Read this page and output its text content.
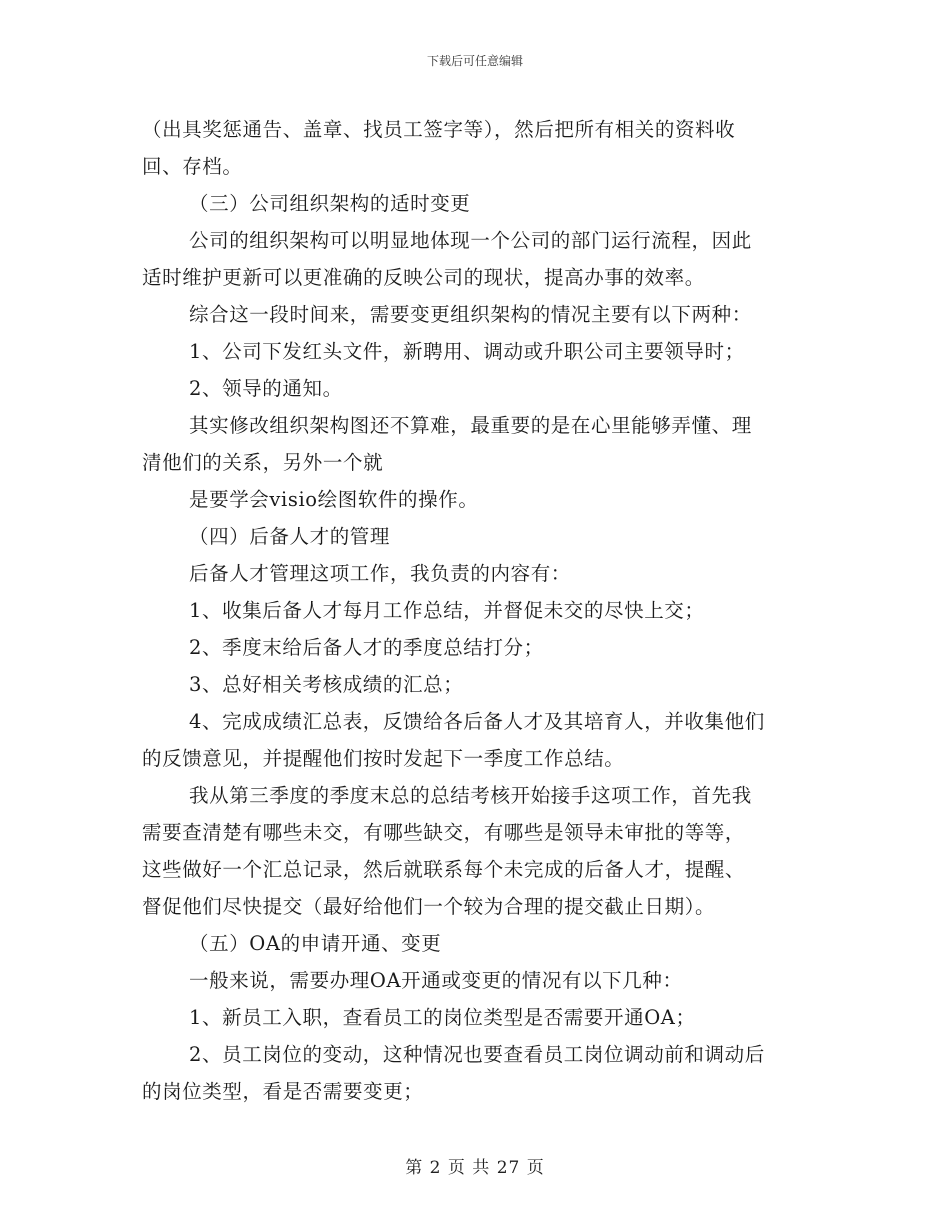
下载后可任意编辑
（出具奖惩通告、盖章、找员工签字等），然后把所有相关的资料收
回、存档。
（三）公司组织架构的适时变更
公司的组织架构可以明显地体现一个公司的部门运行流程，因此
适时维护更新可以更准确的反映公司的现状，提高办事的效率。
综合这一段时间来，需要变更组织架构的情况主要有以下两种：
1、公司下发红头文件，新聘用、调动或升职公司主要领导时；
2、领导的通知。
其实修改组织架构图还不算难，最重要的是在心里能够弄懂、理
清他们的关系，另外一个就
是要学会visio绘图软件的操作。
（四）后备人才的管理
后备人才管理这项工作，我负责的内容有：
1、收集后备人才每月工作总结，并督促未交的尽快上交；
2、季度末给后备人才的季度总结打分；
3、总好相关考核成绩的汇总；
4、完成成绩汇总表，反馈给各后备人才及其培育人，并收集他们
的反馈意见，并提醒他们按时发起下一季度工作总结。
我从第三季度的季度末总的总结考核开始接手这项工作，首先我
需要查清楚有哪些未交，有哪些缺交，有哪些是领导未审批的等等，
这些做好一个汇总记录，然后就联系每个未完成的后备人才，提醒、
督促他们尽快提交（最好给他们一个较为合理的提交截止日期）。
（五）OA的申请开通、变更
一般来说，需要办理OA开通或变更的情况有以下几种：
1、新员工入职，查看员工的岗位类型是否需要开通OA；
2、员工岗位的变动，这种情况也要查看员工岗位调动前和调动后
的岗位类型，看是否需要变更；
第 2 页 共 27 页
